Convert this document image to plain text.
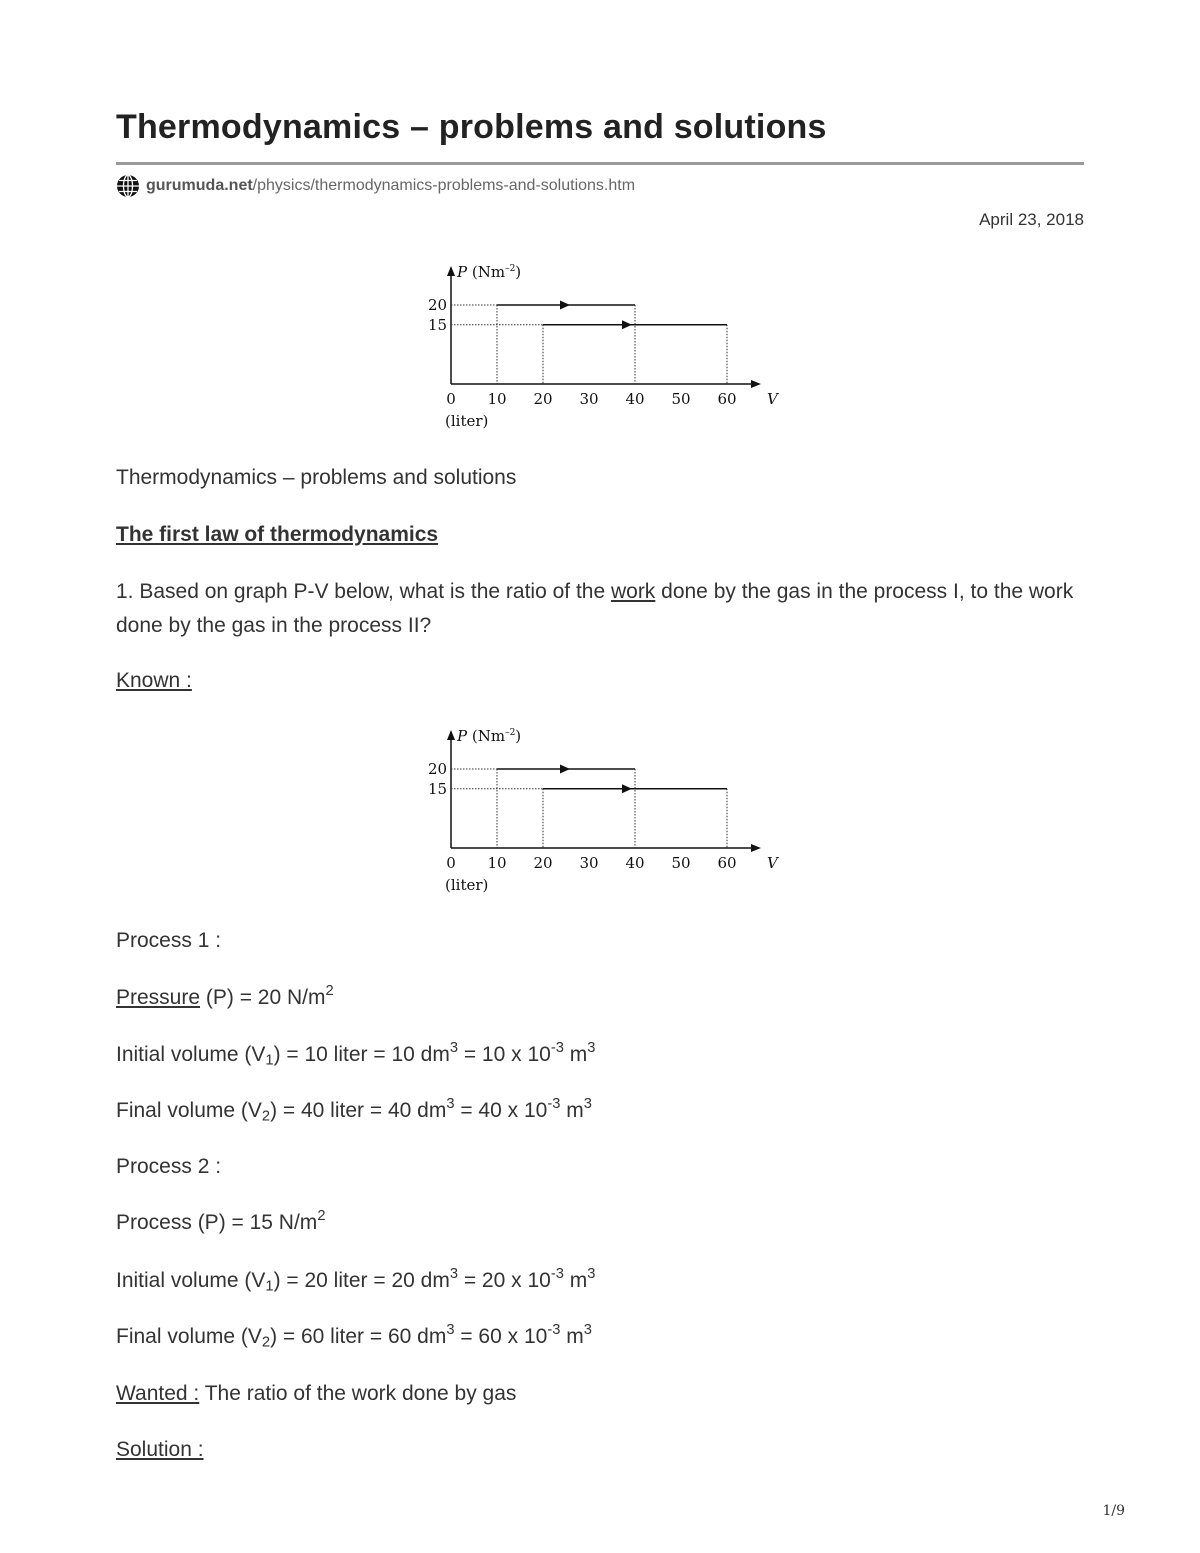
Thermodynamics – problems and solutions
gurumuda.net /physics/thermodynamics-problems-and-solutions.htm
April 23, 2018
P $(Nm^{-2})$
15
20
0 10 20 30 40 50 60 V
(liter)

Thermodynamics – problems and solutions

The first law of thermodynamics

1. Based on graph P-V below, what is the ratio of the work done by the gas in the process I, to the work done by the gas in the process II?

Known :

P $(Nm^{-2})$
15
20
0 10 20 30 40 50 60 V
(liter)

Process 1 :

Pressure (P) = 20 $N/m^2$

Initial volume $(V_1) = 10$ liter = 10 $dm^3 = 10$ x $10^{-3}$ $m^3$

Final volume $(V_2) = 40$ liter = 40 $dm^3 = 40$ x $10^{-3}$ $m^3$

Process 2 :

Process (P) = 15 $N/m^2$

Initial volume $(V_1) = 20$ liter = 20 $dm^3 = 20$ x $10^{-3}$ $m^3$

Final volume $(V_2) = 60$ liter = 60 $dm^3 = 60$ x $10^{-3}$ $m^3$

Wanted : The ratio of the work done by gas

Solution :

1/9
